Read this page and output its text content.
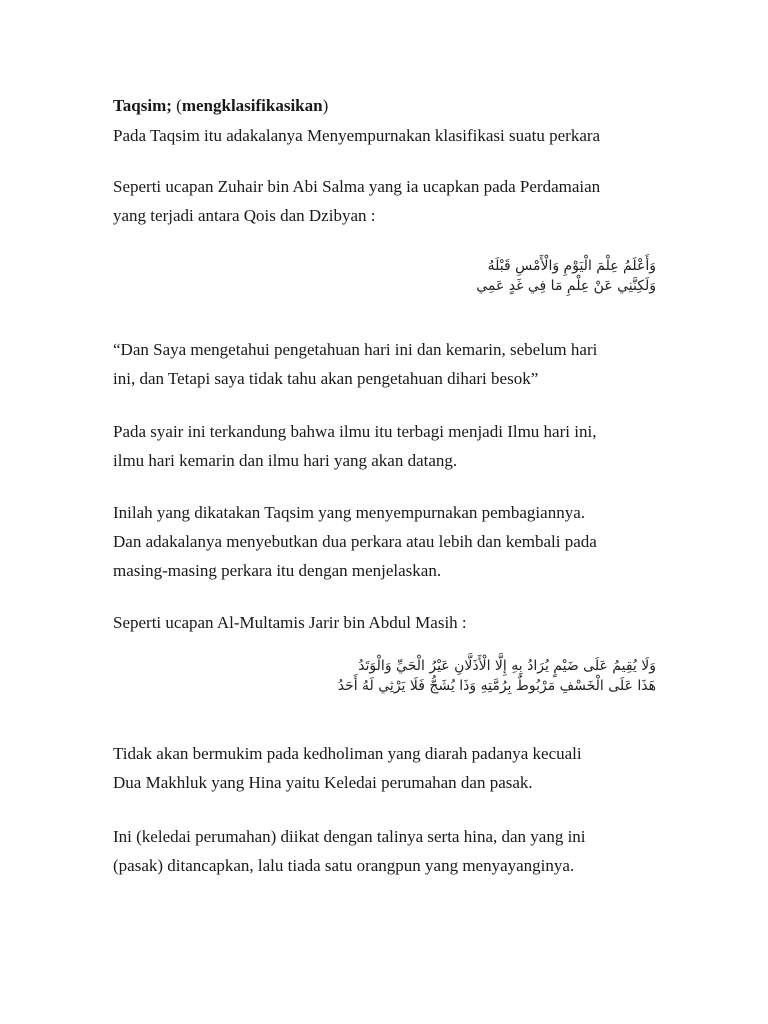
Taqsim; (mengklasifikasikan)
Pada Taqsim itu adakalanya Menyempurnakan klasifikasi suatu perkara
Seperti ucapan Zuhair bin Abi Salma yang ia ucapkan pada Perdamaian
yang terjadi antara Qois dan Dzibyan :
وَأَعْلَمُ عِلْمَ الْيَوْمِ وَالْأَمْسِ قَبْلَهُ
وَلَكِنَّنِي عَنْ عِلْمِ مَا فِي غَدٍ عَمِي
“Dan Saya mengetahui pengetahuan hari ini dan kemarin, sebelum hari
ini, dan Tetapi saya tidak tahu akan pengetahuan dihari besok”
Pada syair ini terkandung bahwa ilmu itu terbagi menjadi Ilmu hari ini,
ilmu hari kemarin dan ilmu hari yang akan datang.
Inilah yang dikatakan Taqsim yang menyempurnakan pembagiannya.
Dan adakalanya menyebutkan dua perkara atau lebih dan kembali pada
masing-masing perkara itu dengan menjelaskan.
Seperti ucapan Al-Multamis Jarir bin Abdul Masih :
وَلَا يُقِيمُ عَلَى ضَيْمٍ يُرَادُ بِهِ إِلَّا الْأَذَلَّانِ عَيْرُ الْحَيِّ وَالْوَتَدُ
هَذَا عَلَى الْخَسْفِ مَرْبُوطٌ بِرُمَّتِهِ وَذَا يُشَجُّ فَلَا يَرْثِي لَهُ أَحَدُ
Tidak akan bermukim pada kedholiman yang diarah padanya kecuali
Dua Makhluk yang Hina yaitu Keledai perumahan dan pasak.
Ini (keledai perumahan) diikat dengan talinya serta hina, dan yang ini
(pasak) ditancapkan, lalu tiada satu orangpun yang menyayanginya.
